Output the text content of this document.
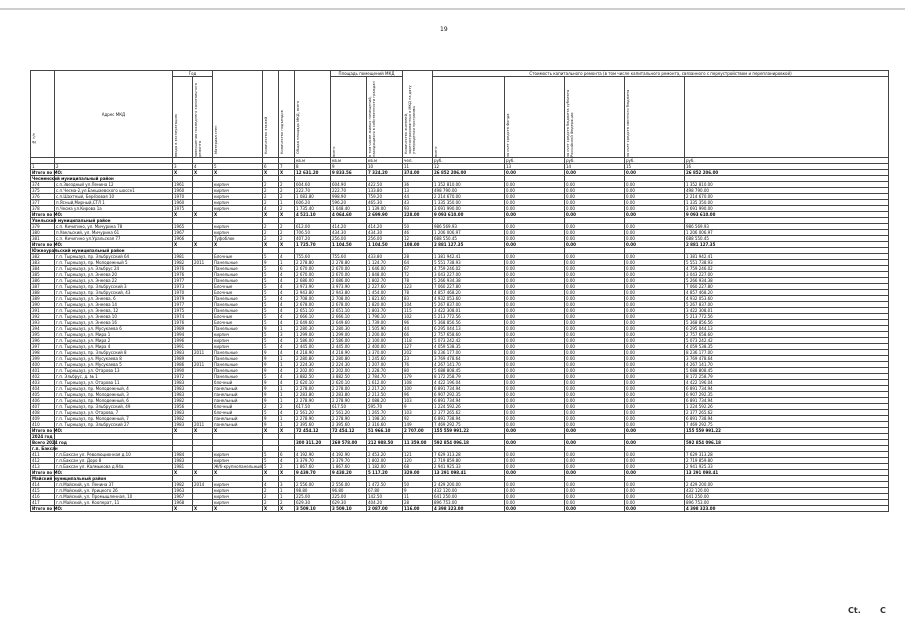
19
№ п/п	Адрес МКД	Год		Материал стен	Количество этажей	Количество подъездов	Общая площадь МКД, всего	Площадь помещений МКД		Количество жителей, зарегистрированных в МКД на дату утверждения программы	Стоимость капитального ремонта (в том числе капитального ремонта, связанного с переустройством и перепланировкой)	

		ввода в эксплуатацию	завершения последнего капитального ремонта					всего	в том числе жилых помещений, находящихся в собственности граждан		всего	за счет средств Фонда	за счет средств бюджета субъекта Российской Федерации	за счет средств местного бюджета		

							кв.м	кв.м	кв.м	чел.	руб.	руб.	руб.	руб.	руб.	
1	2	3	4	5	6	7	8	9	10	11	12	13	14	15	16	
Итого по МО:		X	X	X	X	X	12 631.20	9 833.56	7 324.20	374.00	26 852 206.00	0.00	0.00	0.00	26 852 206.00	
Чесменский муниципальный район																
374	с.п.Звездный ул.Ленина 12	1961		кирпич	2	2	604.60	604.90	422.50	36	1 352 810.00	0.00	0.00	0.00	1 352 810.00	
375	с.п.Чесма-2,ул.Бакшаевского шоссе1	1960		кирпич	2	2	222.70	222.70	133.80	13	498 790.00	0.00	0.00	0.00	498 790.00	
376	с.п.Шахтный, Берёзовая 10	1970		кирпич	2	2	1 083.80	998.90	759.20	44	2 214 670.00	0.00	0.00	0.00	2 214 670.00	
377	п.Ясный,Мирный,СТЛ 1	1960		кирпич	2	1	606.20	596.20	465.30	43	1 335 350.00	0.00	0.00	0.00	1 335 350.00	
378	п.Чесма ул.Кирова 1а	1975		кирпич	4	2	1 735.40	1 648.40	1 139.00	93	3 691 990.00	0.00	0.00	0.00	3 691 990.00	
Итого по МО:		X	X	X	X	X	4 521.10	4 064.60	2 699.90	228.00	9 093 610.00	0.00	0.00	0.00	9 093 610.00	
Увельский муниципальный район																
379	с.п. Кичигино, ул. Мичурина 78	1965		кирпич	2	2	612.00	414.20	414.20	50	986 569.93	0.00	0.00	0.00	986 569.93	
380	п.Увельский, ул. Мичурина 61	1967		кирпич	2	2	706.50	434.30	434.30	46	1 206 006.97	0.00	0.00	0.00	1 206 006.97	
381	с.п. Кичигино ул.Уральская 77	1966		Туфоблок	2	2	407.20	256.00	256.00	12	688 550.45	0.00	0.00	0.00	688 550.45	
Итого по МО:		X	X	X	X	X	1 725.70	1 104.50	1 104.50	108.00	2 881 127.35	0.00	0.00	0.00	2 881 127.35	
Южноуральский муниципальный район																
382	г.п. Тырныауз, пр. Эльбрусский 64	1981		Блочные	5	4	755.60	755.60	433.80	28	1 381 942.41	0.00	0.00	0.00	1 381 942.41	
383	г.п. Тырныауз, пр. Молодежный 5	1982	2011	Панельные	9	1	2 278.80	2 278.80	1 124.70	64	5 551 738.93	0.00	0.00	0.00	5 551 738.93	
384	г.п. Тырныауз, ул. Эльбрус 24	1976		Панельные	5	6	2 670.00	2 670.00	1 646.00	67	4 759 246.02	0.00	0.00	0.00	4 759 246.02	
385	г.п. Тырныауз, ул. Энеева 20	1976		Панельные	5	4	2 670.00	2 670.00	1 848.00	72	3 043 227.00	0.00	0.00	0.00	3 043 227.00	
386	г.п. Тырныауз, ул. Энеева 22	1977		Панельные	5	4	2 686.00	2 686.00	1 802.70	78	5 266 934.38	0.00	0.00	0.00	5 266 934.38	
387	г.п. Тырныауз, пр. Эльбрусский 3	1973		Блочные	5	4	3 973.90	3 973.90	2 227.60	123	7 060 227.80	0.00	0.00	0.00	7 060 227.80	
388	г.п. Тырныауз, пр. Эльбрусский, 43	1970		Блочные	5	4	2 943.80	2 943.80	1 454.00	78	4 857 468.20	0.00	0.00	0.00	4 857 468.20	
389	г.п. Тырныауз, ул. Энеева, 6	1979		Панельные	5	4	2 708.00	2 708.00	1 821.60	83	4 932 053.60	0.00	0.00	0.00	4 932 053.60	
390	г.п. Тырныауз, ул. Энеева 14	1977		Панельные	5	4	2 678.00	2 678.00	1 820.00	104	5 267 837.00	0.00	0.00	0.00	5 267 837.00	
391	г.п. Тырныауз, ул. Энеева, 12	1975		Панельные	5	4	2 651.10	2 651.10	1 803.70	115	3 422 308.01	0.00	0.00	0.00	3 422 308.01	
392	г.п. Тырныауз, ул. Энеева 10	1974		Блочные	5	4	2 666.10	2 666.10	1 796.10	102	5 213 772.56	0.00	0.00	0.00	5 213 772.56	
393	г.п. Тырныауз, ул. Энеева 16	1976		Блочные	5	4	2 649.60	2 649.60	1 739.00	96	5 368 856.56	0.00	0.00	0.00	5 368 856.56	
394	г.п. Тырныауз, ул. Мусукаева 6	1989		Панельные	9	1	2 280.30	2 280.30	1 505.90	44	6 295 044.13	0.00	0.00	0.00	6 295 044.13	
395	г.п. Тырныауз, ул. Мира 1	1994		кирпич	5	3	1 299.00	1 299.00	1 200.00	66	2 757 658.60	0.00	0.00	0.00	2 757 658.60	
396	г.п. Тырныауз, ул. Мира 2	1996		кирпич	5	4	2 586.00	2 586.00	2 100.00	118	5 073 242.42	0.00	0.00	0.00	5 073 242.42	
397	г.п. Тырныауз, ул. Мира 4	1991		кирпич	5	4	2 445.00	2 445.00	2 400.00	127	4 059 538.35	0.00	0.00	0.00	4 059 538.35	
398	г.п. Тырныауз, пр. Эльбрусский 8	1983	2011	Панельные	9	4	4 218.90	4 218.90	3 370.00	202	8 236 177.00	0.00	0.00	0.00	8 236 177.00	
399	г.п. Тырныауз, ул. Мусукаева 8	1989		Панельные	9	1	2 280.80	2 280.80	1 245.60	23	3 769 478.64	0.00	0.00	0.00	3 769 478.64	
400	г.п. Тырныауз, ул. Мусукаева 5	1986	2011	Панельные	9	1	2 224.30	2 224.30	1 207.00	76	4 267 141.70	0.00	0.00	0.00	4 267 141.70	
401	г.п. Тырныауз, ул. Отарова 13	1990		Панельные	9	4	2 202.00	2 202.00	1 228.70	80	5 688 808.45	0.00	0.00	0.00	5 688 808.45	
402	г.п. Эльбрус, д. № 1	1972		Панельные	5	4	3 882.50	3 882.50	2 784.70	179	8 172 258.79	0.00	0.00	0.00	8 172 258.79	
403	г.п. Тырныауз, ул. Отарова 11	1983		блочный	9	4	2 620.10	2 620.10	1 612.00	108	4 422 196.04	0.00	0.00	0.00	4 422 196.04	
404	г.п. Тырныауз, пр. Молодежный, 4	1983		панельный	9	1	2 278.00	2 278.00	2 217.20	100	6 891 734.94	0.00	0.00	0.00	6 891 734.94	
405	г.п. Тырныауз, пр. Молодежный, 3	1983		панельный	9	1	2 283.80	2 283.80	2 213.50	96	6 907 292.35	0.00	0.00	0.00	6 907 292.35	
406	г.п. Тырныауз, пр. Молодежный, 6	1982		панельный	9	1	2 278.90	2 278.90	2 088.20	103	6 891 734.94	0.00	0.00	0.00	6 891 734.94	
407	г.п. Тырныауз, пр. Эльбрусский, 49	1956		блочный	2	2	617.50	617.50	595.70	9	1 224 592.26	0.00	0.00	0.00	1 224 592.26	
408	г.п. Тырныауз, ул. Отарова, 7	1983		блочный	5	4	2 561.20	2 561.20	1 265.70	103	2 377 265.62	0.00	0.00	0.00	2 377 265.62	
409	г.п. Тырныауз, пр. Молодежный, 7	1982		панельный	9	1	2 278.90	2 278.90	1 198.30	92	6 891 738.94	0.00	0.00	0.00	6 891 738.94	
410	г.п. Тырныауз, пр. Эльбрусский 27	1983	2011	панельный	9	1	2 395.60	2 395.60	2 316.60	149	7 469 292.75	0.00	0.00	0.00	7 469 292.75	
Итого по МО:		X	X	X	X	X	72 454.12	72 454.12	51 966.10	2 707.00	155 559 991.22	0.00	0.00	0.00	155 559 991.22	
2024 год																
Всего 2024 год							300 311.20	269 578.00	212 988.50	11 359.00	592 854 096.18	0.00	0.00	0.00	592 854 096.18	
г.п. Баксан																
411	г.п.Баксан ул. Революционная д.10	1984		кирпич	5	6	4 192.90	4 192.90	2 453.20	121	7 629 313.28	0.00	0.00	0.00	7 629 313.28	
412	г.п.Баксан ул. Доро 8	1983		кирпич	5	4	3 379.70	3 379.70	1 802.00	120	2 719 859.80	0.00	0.00	0.00	2 719 859.80	
413	г.п.Баксан ул. Калмыкова д.94а	1981		Ж/б-крупнопанельный	5	2	1 867.60	1 867.60	1 182.00	68	2 941 925.33	0.00	0.00	0.00	2 941 925.33	
Итого по МО:		X	X	X	X	X	9 439.70	9 438.20	5 117.20	329.00	13 291 098.41	0.00	0.00	0.00	13 291 098.41	
Майский муниципальный район																
414	г.п.Майский, ул. Ленина 37	1982	2014	кирпич	4	3	2 556.00	2 556.00	1 472.50	50	2 429 200.00	0.00	0.00	0.00	2 429 200.00	
415	г.п.Майский, ул. Урицкого 26	1963		кирпич	2	1	98.80	96.80	67.80	9	432 120.00	0.00	0.00	0.00	432 120.00	
416	г.п.Майский, ул. Промышленная, 10	1967		кирпич	2	1	225.00	225.00	142.50	11	641 250.00	0.00	0.00	0.00	641 250.00	
417	г.п.Майский, ул. Кооперат, 11	1968		кирпич	2	2	629.30	629.30	404.20	28	896 753.00	0.00	0.00	0.00	896 753.00	
Итого по МО:		X	X	X	X	X	3 509.10	3 509.10	2 087.00	116.00	4 398 323.00	0.00	0.00	0.00	4 398 323.00	
Ct. C
